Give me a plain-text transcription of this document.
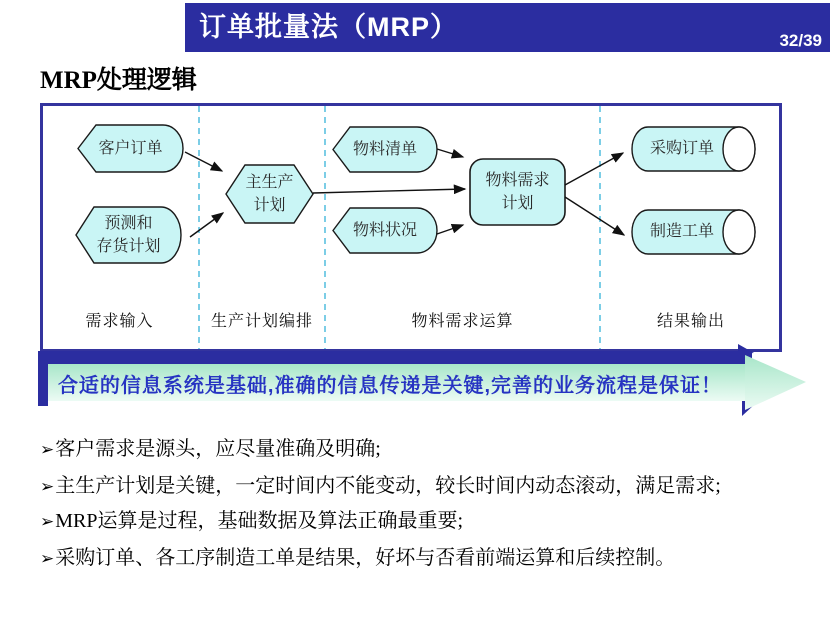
订单批量法（MRP）	32/39
MRP处理逻辑
客户订单
预测和
存货计划
主生产
计划
物料清单
物料状况
物料需求
计划
采购订单
制造工单
需求输入	生产计划编排	物料需求运算	结果输出
合适的信息系统是基础,准确的信息传递是关键,完善的业务流程是保证！
➢客户需求是源头，应尽量准确及明确;
➢主生产计划是关键，一定时间内不能变动，较长时间内动态滚动，满足需求;
➢MRP运算是过程，基础数据及算法正确最重要;
➢采购订单、各工序制造工单是结果，好坏与否看前端运算和后续控制。
